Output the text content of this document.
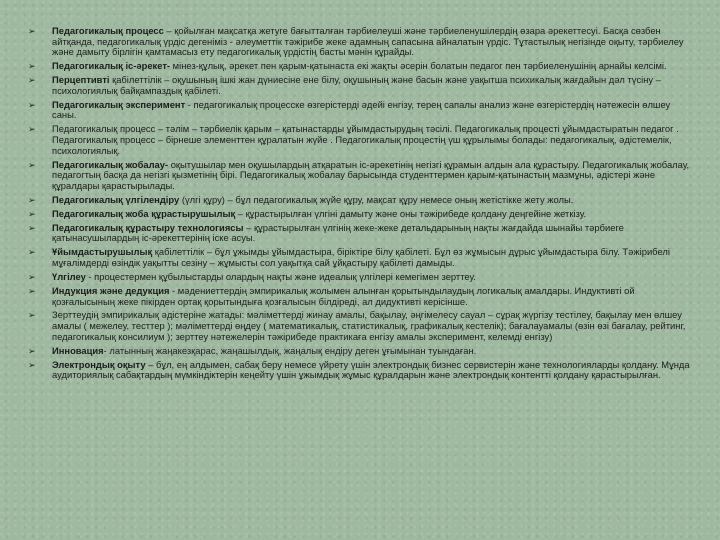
➢ Педагогикалық процесс – қойылған мақсатқа жетуге бағытталған тәрбиелеуші және тәрбиеленушілердің өзара әрекеттесуі. Басқа сөзбен айтқанда, педагогикалық үрдіс дегеніміз - әлеуметтік тәжірибе жеке адамның сапасына айналатын үрдіс. Тұтастылық негізінде оқыту, тәрбиелеу және дамыту бірлігін қамтамасыз ету педагогикалық үрдістің басты мәнін құрайды.
➢ Педагогикалық іс-әрекет- мінез-құлық, әрекет пен қарым-қатынаста екі жақты әсерін болатын педагог пен тәрбиеленушінің арнайы келсімі.
➢ Перцептивті қабілеттілік – оқушының ішкі жан дүниесіне ене білу, оқушының және басын және уақытша психикалық жағдайын дәл түсіну – психологиялық байқампаздық қабілеті.
➢ Педагогикалық эксперимент - педагогикалық процесске өзгерістерді әдейі енгізу, терең сапалы анализ және өзгерістердің нәтежесін өлшеу саны.
➢ Педагогикалық процесс – тәлім – тәрбиелік қарым – қатынастарды ұйымдастырудың тәсілі. Педагогикалық процесті ұйымдастыратын педагог . Педагогикалық процесс – бірнеше элементтен құралатын жүйе . Педагогикалық процестің үш құрылымы болады: педагогикалық, әдістемелік, психологиялық.
➢ Педагогикалық жобалау- оқытушылар мен оқушылардың атқаратын іс-әрекетінің негізгі құрамын алдын ала құрастыру. Педагогикалық жобалау, педагогтың басқа да негізгі қызметінің бірі. Педагогикалық жобалау барысында студенттермен қарым-қатынастың мазмұны, әдістері және құралдары қарастырылады.
➢ Педагогикалық үлгілендіру (үлгі құру) – бұл педагогикалық жүйе құру, мақсат құру немесе оның жетістікке жету жолы.
➢ Педагогикалық жоба құрастырушылық – құрастырылған үлгіні дамыту және оны тәжірибеде қолдану деңгейіне жеткізу.
➢ Педагогикалық құрастыру технологиясы – құрастырылған үлгінің жеке-жеке детальдарының нақты жағдайда шынайы тәрбиеге қатынасушылардың іс-әрекеттерінің іске асуы.
➢ Ұйымдастырушылық қабілеттілік – бұл ұжымды ұйымдастыра, біріктіре білу қабілеті. Бұл өз жұмысын дұрыс ұйымдастыра білу. Тәжірибелі мұғалімдерді өзіндік уақытты сезіну – жұмысты сол уақытқа сай ұйқастыру қабілеті дамыды.
➢ Үлгілеу - процестермен құбылыстарды олардың нақты және идеалық үлгілері кемегімен зерттеу.
➢ Индукция және дедукция - мәдениеттердің эмпирикалық жолымен алынған қорытындылаудың логикалық амалдары. Индуктивті ой қозғалысының жеке пікірден ортақ қорытындыға қозғалысын білдіреді, ал дидуктивті керісінше.
➢ Зерттеудің эмпирикалық әдістеріне жатады: мәліметтерді жинау амалы, бақылау, әңгімелесу сауал – сұрақ жүргізу тестілеу, бақылау мен өлшеу амалы ( межелеу, тесттер ); мәліметтерді өңдеу ( математикалық, статистикалық, графикалық кестелік); бағалауамалы (өзін өзі бағалау, рейтинг, педагогикалық консилиум ); зерттеу нәтежелерін тәжірибеде практикаға енгізу амалы эксперимент, келемді енгізу)
➢ Инновация- латынның жаңакезқарас, жаңашылдық, жаңалық ендіру деген ұғымынан туындаған.
➢ Электрондық оқыту – бұл, ең алдымен, сабақ беру немесе үйрету үшін электрондық бизнес сервистерін және технологияларды қолдану. Мұнда аудиториялық сабақтардың мүмкіндіктерін кеңейту үшін ұжымдық жұмыс құралдарын және электрондық контентті қолдану қарастырылған.
